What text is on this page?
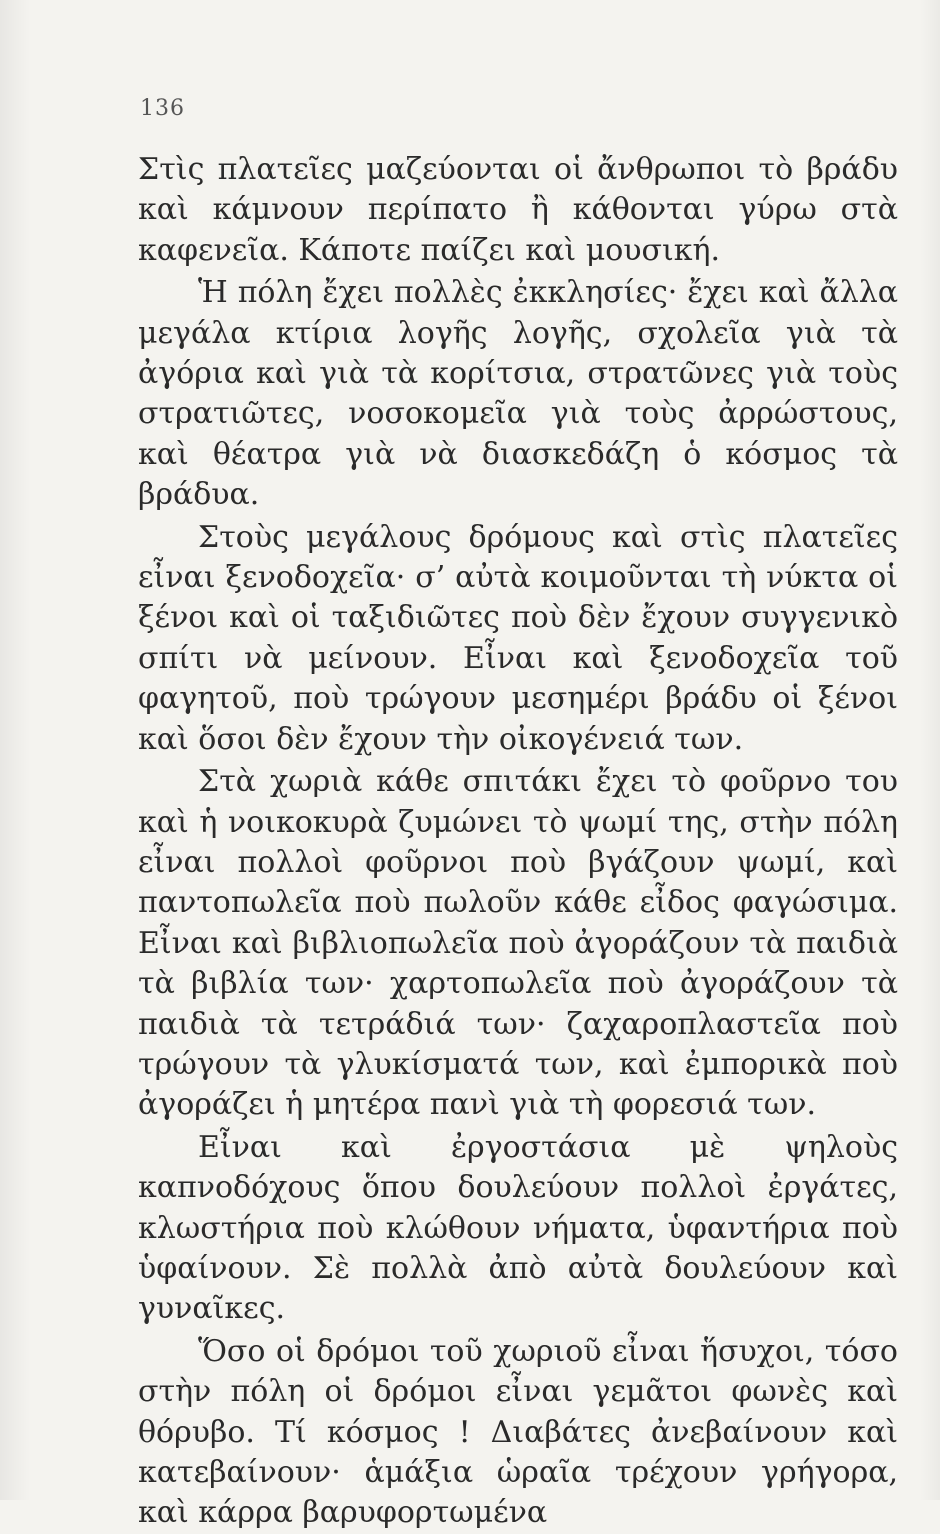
136

Στὶς πλατεῖες μαζεύονται οἱ ἄνθρωποι τὸ βράδυ καὶ κάμνουν περίπατο ἢ κάθονται γύρω στὰ καφενεῖα. Κάποτε παίζει καὶ μουσική.

Ἡ πόλη ἔχει πολλὲς ἐκκλησίες· ἔχει καὶ ἄλλα μεγάλα κτίρια λογῆς λογῆς, σχολεῖα γιὰ τὰ ἀγόρια καὶ γιὰ τὰ κορίτσια, στρατῶνες γιὰ τοὺς στρατιῶτες, νοσοκομεῖα γιὰ τοὺς ἀρρώστους, καὶ θέατρα γιὰ νὰ διασκεδάζη ὁ κόσμος τὰ βράδυα.

Στοὺς μεγάλους δρόμους καὶ στὶς πλατεῖες εἶναι ξενοδοχεῖα· σ’ αὐτὰ κοιμοῦνται τὴ νύκτα οἱ ξένοι καὶ οἱ ταξιδιῶτες ποὺ δὲν ἔχουν συγγενικὸ σπίτι νὰ μείνουν. Εἶναι καὶ ξενοδοχεῖα τοῦ φαγητοῦ, ποὺ τρώγουν μεσημέρι βράδυ οἱ ξένοι καὶ ὅσοι δὲν ἔχουν τὴν οἰκογένειά των.

Στὰ χωριὰ κάθε σπιτάκι ἔχει τὸ φοῦρνο του καὶ ἡ νοικοκυρὰ ζυμώνει τὸ ψωμί της, στὴν πόλη εἶναι πολλοὶ φοῦρνοι ποὺ βγάζουν ψωμί, καὶ παντοπωλεῖα ποὺ πωλοῦν κάθε εἶδος φαγώσιμα. Εἶναι καὶ βιβλιοπωλεῖα ποὺ ἀγοράζουν τὰ παιδιὰ τὰ βιβλία των· χαρτοπωλεῖα ποὺ ἀγοράζουν τὰ παιδιὰ τὰ τετράδιά των· ζαχαροπλαστεῖα ποὺ τρώγουν τὰ γλυκίσματά των, καὶ ἐμπορικὰ ποὺ ἀγοράζει ἡ μητέρα πανὶ γιὰ τὴ φορεσιά των.

Εἶναι καὶ ἐργοστάσια μὲ ψηλοὺς καπνοδόχους ὅπου δουλεύουν πολλοὶ ἐργάτες, κλωστήρια ποὺ κλώθουν νήματα, ὑφαντήρια ποὺ ὑφαίνουν. Σὲ πολλὰ ἀπὸ αὐτὰ δουλεύουν καὶ γυναῖκες.

Ὅσο οἱ δρόμοι τοῦ χωριοῦ εἶναι ἥσυχοι, τόσο στὴν πόλη οἱ δρόμοι εἶναι γεμᾶτοι φωνὲς καὶ θόρυβο. Τί κόσμος ! Διαβάτες ἀνεβαίνουν καὶ κατεβαίνουν· ἁμάξια ὡραῖα τρέχουν γρήγορα, καὶ κάρρα βαρυφορτωμένα
